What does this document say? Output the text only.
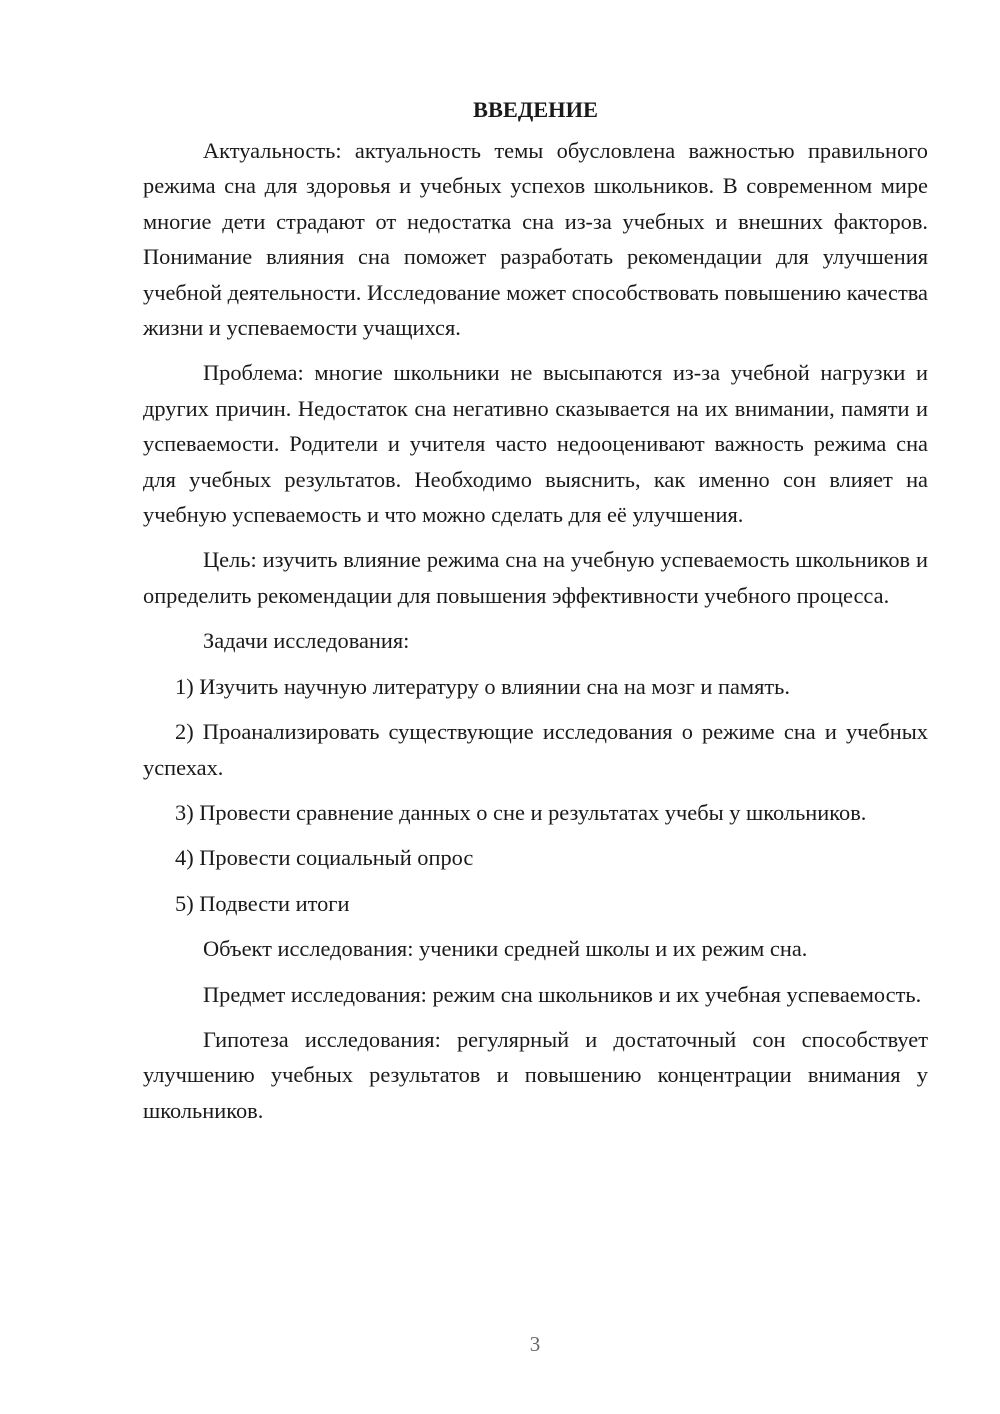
ВВЕДЕНИЕ

Актуальность: актуальность темы обусловлена важностью правильного режима сна для здоровья и учебных успехов школьников. В современном мире многие дети страдают от недостатка сна из-за учебных и внешних факторов. Понимание влияния сна поможет разработать рекомендации для улучшения учебной деятельности. Исследование может способствовать повышению качества жизни и успеваемости учащихся.

Проблема: многие школьники не высыпаются из-за учебной нагрузки и других причин. Недостаток сна негативно сказывается на их внимании, памяти и успеваемости. Родители и учителя часто недооценивают важность режима сна для учебных результатов. Необходимо выяснить, как именно сон влияет на учебную успеваемость и что можно сделать для её улучшения.

Цель: изучить влияние режима сна на учебную успеваемость школьников и определить рекомендации для повышения эффективности учебного процесса.

Задачи исследования:

1) Изучить научную литературу о влиянии сна на мозг и память.

2) Проанализировать существующие исследования о режиме сна и учебных успехах.

3) Провести сравнение данных о сне и результатах учебы у школьников.

4) Провести социальный опрос

5) Подвести итоги

Объект исследования: ученики средней школы и их режим сна.

Предмет исследования: режим сна школьников и их учебная успеваемость.

Гипотеза исследования: регулярный и достаточный сон способствует улучшению учебных результатов и повышению концентрации внимания у школьников.

3
